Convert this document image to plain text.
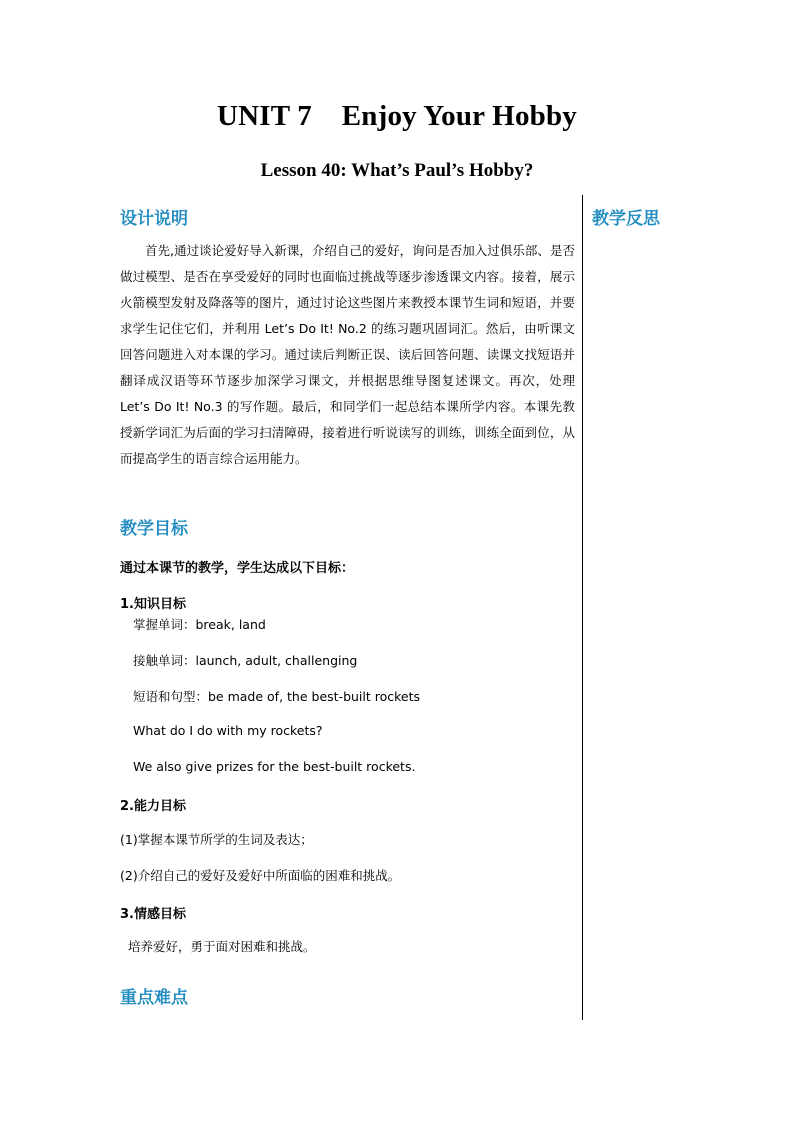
UNIT 7    Enjoy Your Hobby
Lesson 40: What’s Paul’s Hobby?
设计说明	教学反思

首先,通过谈论爱好导入新课，介绍自己的爱好，询问是否加入过俱乐部、是否做过模型、是否在享受爱好的同时也面临过挑战等逐步渗透课文内容。接着，展示火箭模型发射及降落等的图片，通过讨论这些图片来教授本课节生词和短语，并要求学生记住它们，并利用 Let’s Do It! No.2 的练习题巩固词汇。然后，由听课文回答问题进入对本课的学习。通过读后判断正误、读后回答问题、读课文找短语并翻译成汉语等环节逐步加深学习课文，并根据思维导图复述课文。再次，处理 Let’s Do It! No.3 的写作题。最后，和同学们一起总结本课所学内容。本课先教授新学词汇为后面的学习扫清障碍，接着进行听说读写的训练，训练全面到位，从而提高学生的语言综合运用能力。

教学目标
通过本课节的教学，学生达成以下目标：
1.知识目标
掌握单词：break, land
接触单词：launch, adult, challenging
短语和句型：be made of, the best-built rockets
What do I do with my rockets?
We also give prizes for the best-built rockets.
2.能力目标
(1)掌握本课节所学的生词及表达；
(2)介绍自己的爱好及爱好中所面临的困难和挑战。
3.情感目标
培养爱好，勇于面对困难和挑战。
重点难点
